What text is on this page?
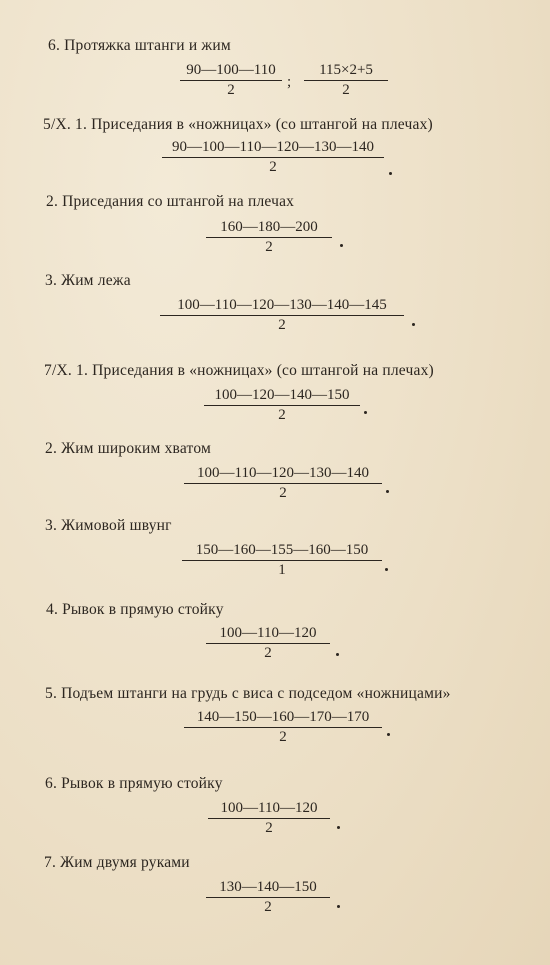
6. Протяжка штанги и жим
90—100—110
2	;
115×2+5
2
5/X. 1. Приседания в «ножницах» (со штангой на плечах)
90—100—110—120—130—140
2
2. Приседания со штангой на плечах
160—180—200
2
3. Жим лежа
100—110—120—130—140—145
2
7/X. 1. Приседания в «ножницах» (со штангой на плечах)
100—120—140—150
2
2. Жим широким хватом
100—110—120—130—140
2
3. Жимовой швунг
150—160—155—160—150
1
4. Рывок в прямую стойку
100—110—120
2
5. Подъем штанги на грудь с виса с подседом «ножницами»
140—150—160—170—170
2
6. Рывок в прямую стойку
100—110—120
2
7. Жим двумя руками
130—140—150
2
